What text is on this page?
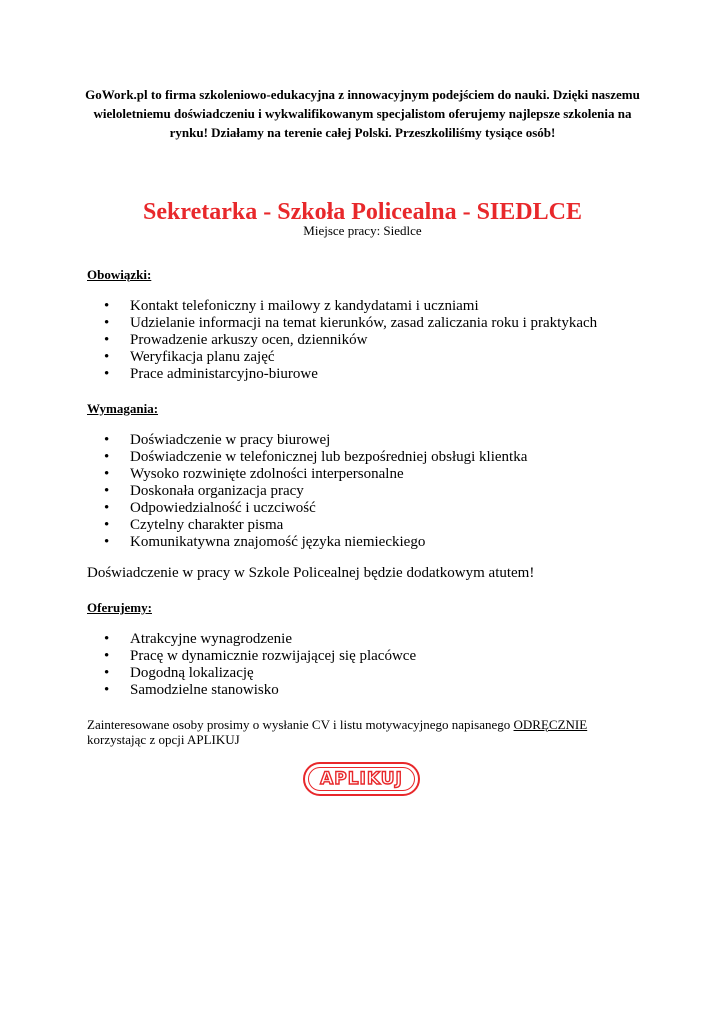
GoWork.pl to firma szkoleniowo-edukacyjna z innowacyjnym podejściem do nauki. Dzięki naszemu
wieloletniemu doświadczeniu i wykwalifikowanym specjalistom oferujemy najlepsze szkolenia na
rynku! Działamy na terenie całej Polski. Przeszkoliliśmy tysiące osób!
Sekretarka - Szkoła Policealna - SIEDLCE
Miejsce pracy: Siedlce
Obowiązki:
• Kontakt telefoniczny i mailowy z kandydatami i uczniami
• Udzielanie informacji na temat kierunków, zasad zaliczania roku i praktykach
• Prowadzenie arkuszy ocen, dzienników
• Weryfikacja planu zajęć
• Prace administarcyjno-biurowe
Wymagania:
• Doświadczenie w pracy biurowej
• Doświadczenie w telefonicznej lub bezpośredniej obsługi klientka
• Wysoko rozwinięte zdolności interpersonalne
• Doskonała organizacja pracy
• Odpowiedzialność i uczciwość
• Czytelny charakter pisma
• Komunikatywna znajomość języka niemieckiego
Doświadczenie w pracy w Szkole Policealnej będzie dodatkowym atutem!
Oferujemy:
• Atrakcyjne wynagrodzenie
• Pracę w dynamicznie rozwijającej się placówce
• Dogodną lokalizację
• Samodzielne stanowisko
Zainteresowane osoby prosimy o wysłanie CV i listu motywacyjnego napisanego ODRĘCZNIE
korzystając z opcji APLIKUJ
APLIKUJ
